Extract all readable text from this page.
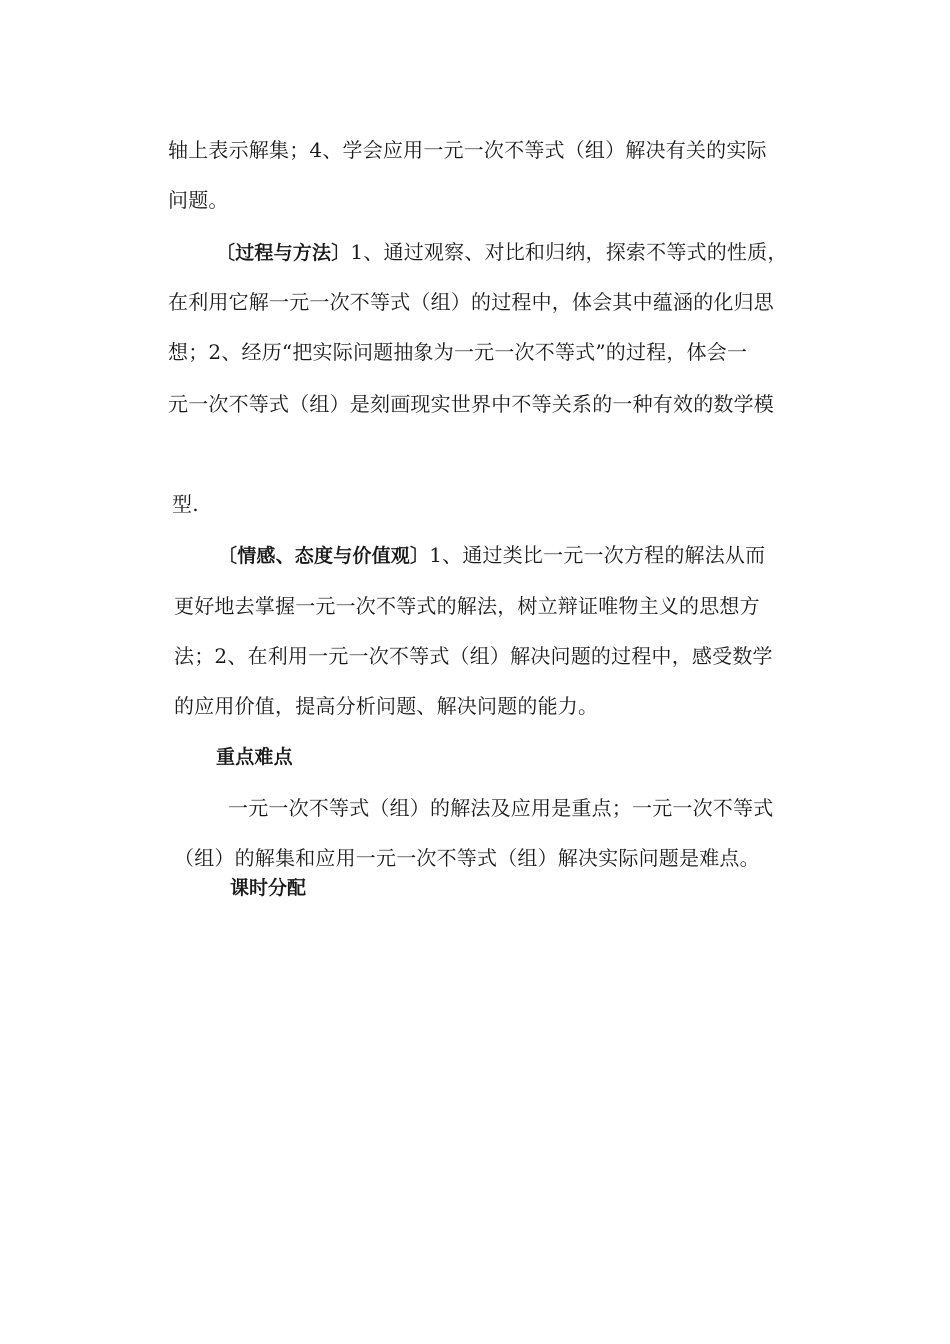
轴上表示解集；4、学会应用一元一次不等式（组）解决有关的实际
问题。
〔过程与方法〕1、通过观察、对比和归纳，探索不等式的性质，
在利用它解一元一次不等式（组）的过程中，体会其中蕴涵的化归思
想；2、经历“把实际问题抽象为一元一次不等式”的过程，体会一
元一次不等式（组）是刻画现实世界中不等关系的一种有效的数学模
型.
〔情感、态度与价值观〕1、通过类比一元一次方程的解法从而
更好地去掌握一元一次不等式的解法，树立辩证唯物主义的思想方
法；2、在利用一元一次不等式（组）解决问题的过程中，感受数学
的应用价值，提高分析问题、解决问题的能力。
重点难点
一元一次不等式（组）的解法及应用是重点；一元一次不等式
（组）的解集和应用一元一次不等式（组）解决实际问题是难点。
课时分配
